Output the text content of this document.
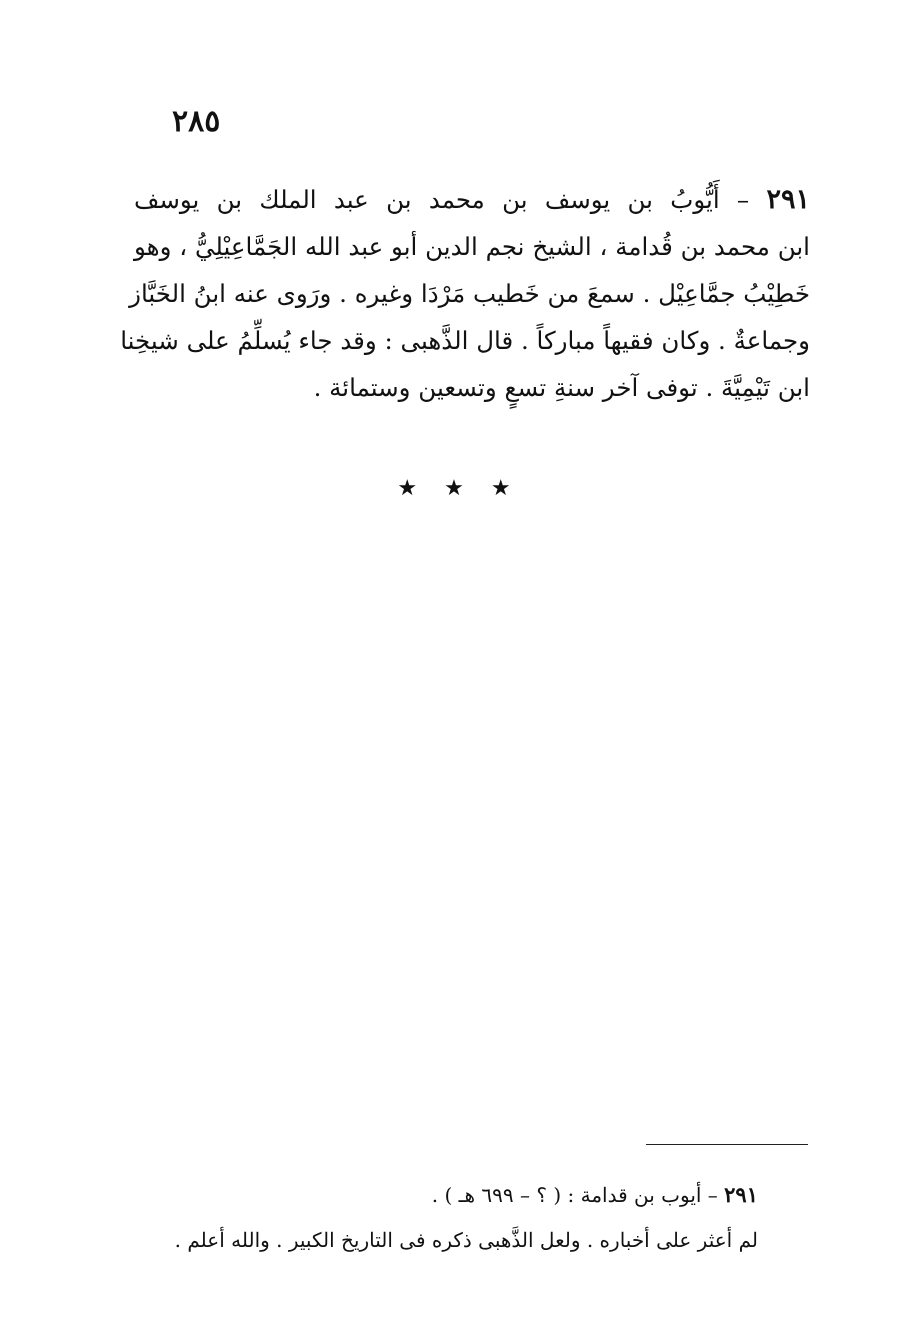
٢٨٥
٢٩١ – أَيُّوبُ بن يوسف بن محمد بن عبد الملك بن يوسف
ابن محمد بن قُدامة ، الشيخ نجم الدين أبو عبد الله الجَمَّاعِيْلِيُّ ، وهو
خَطِيْبُ جمَّاعِيْل . سمعَ من خَطيب مَرْدَا وغيره . ورَوى عنه ابنُ الخَبَّاز
وجماعةٌ . وكان فقيهاً مباركاً . قال الذَّهبى : وقد جاء يُسلِّمُ على شيخِنا
ابن تَيْمِيَّةَ . توفى آخر سنةِ تسعٍ وتسعين وستمائة .
★ ★ ★
٢٩١ – أيوب بن قدامة : ( ؟ – ٦٩٩ هـ ) .
لم أعثر على أخباره . ولعل الذَّهبى ذكره فى التاريخ الكبير . والله أعلم .
